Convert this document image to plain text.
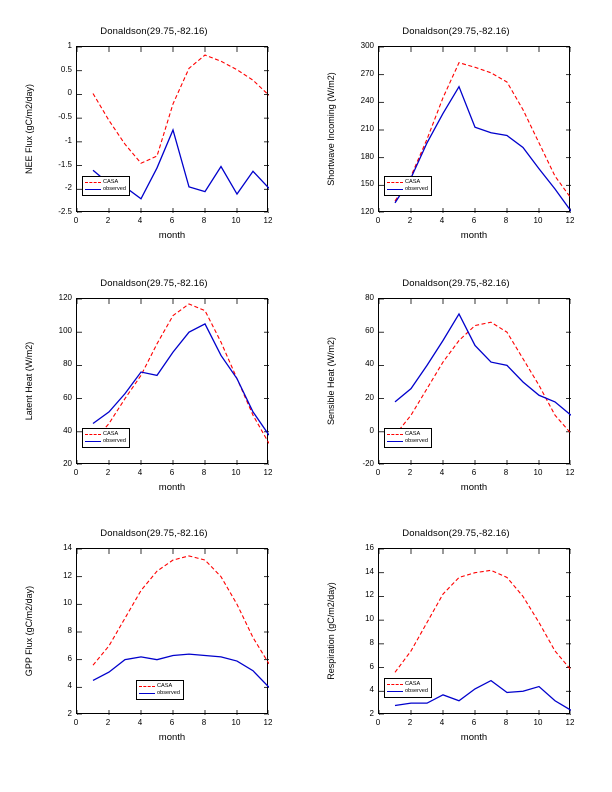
Donaldson(29.75,-82.16)
NEE Flux (gC/m2/day)
month
-2.5
-2
-1.5
-1
-0.5
0
0.5
1
0	2	4	6	8	10	12
CASA
observed
Donaldson(29.75,-82.16)
Shortwave Incoming (W/m2)
month
120
150
180
210
240
270
300
0	2	4	6	8	10	12
CASA
observed
Donaldson(29.75,-82.16)
Latent Heat (W/m2)
month
20
40
60
80
100
120
0	2	4	6	8	10	12
CASA
observed
Donaldson(29.75,-82.16)
Sensible Heat (W/m2)
month
-20
0
20
40
60
80
0	2	4	6	8	10	12
CASA
observed
Donaldson(29.75,-82.16)
GPP Flux (gC/m2/day)
month
2
4
6
8
10
12
14
0	2	4	6	8	10	12
CASA
observed
Donaldson(29.75,-82.16)
Respiration (gC/m2/day)
month
2
4
6
8
10
12
14
16
0	2	4	6	8	10	12
CASA
observed
